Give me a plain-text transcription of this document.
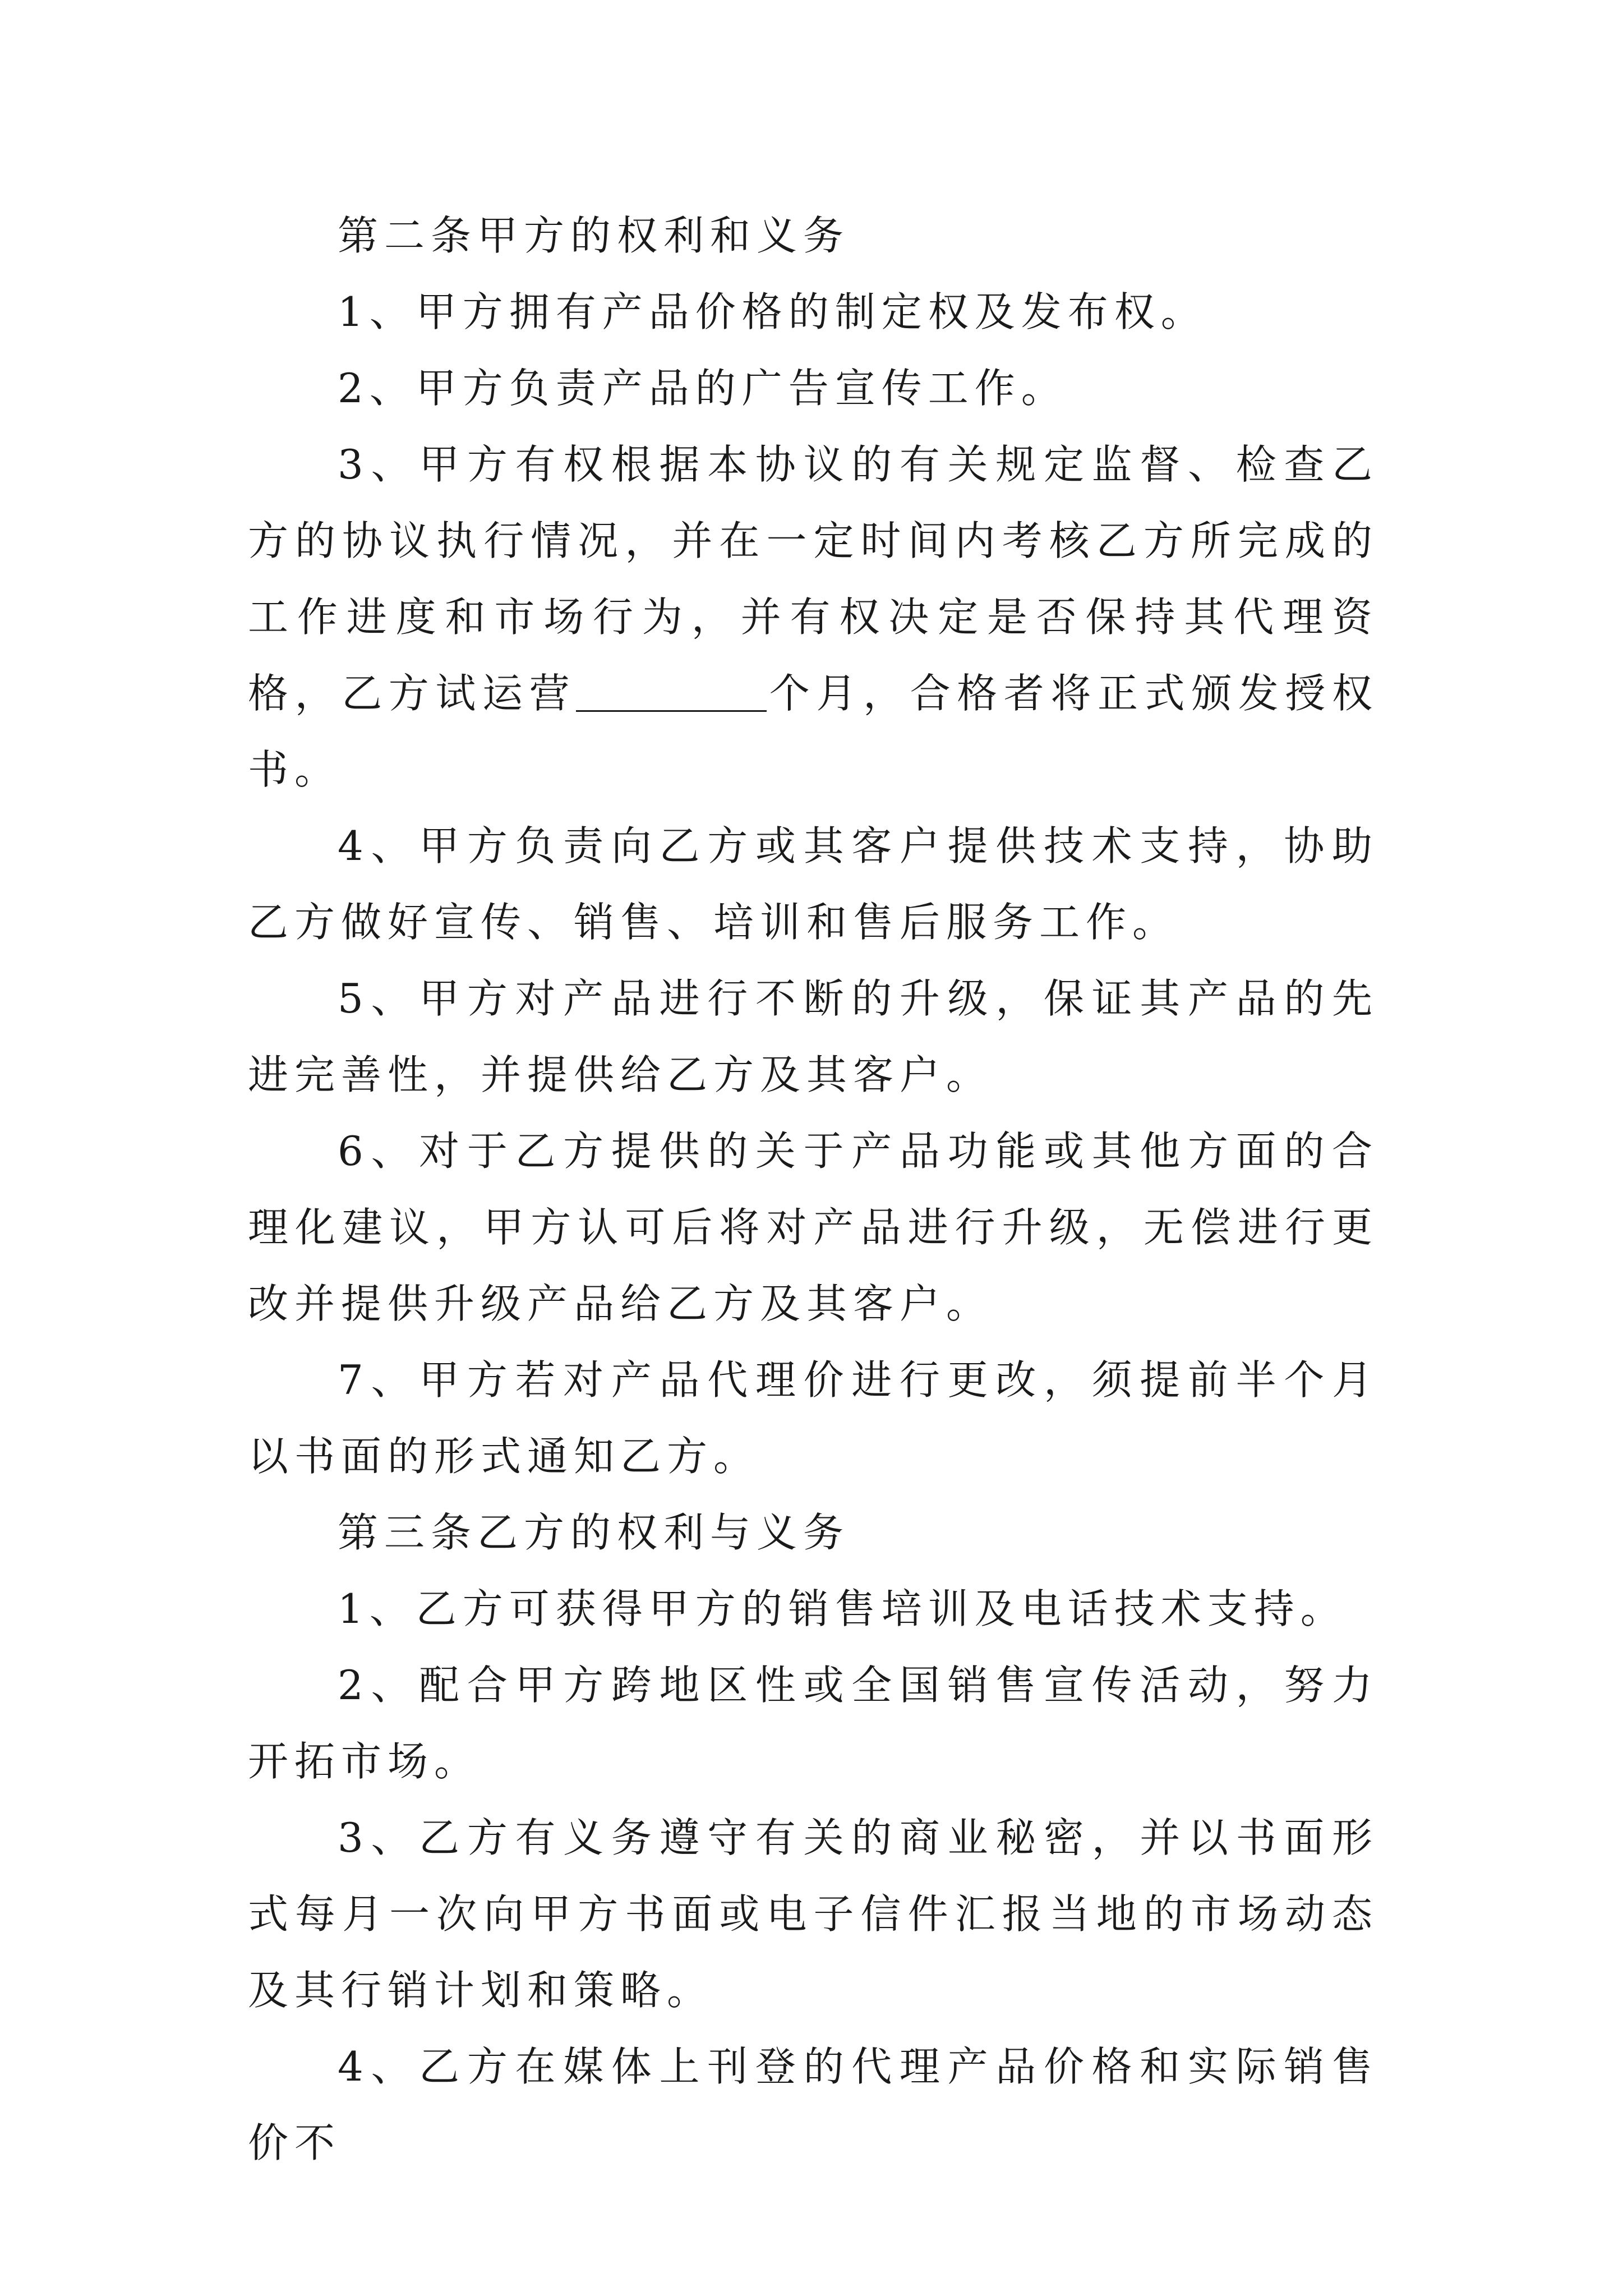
第二条甲方的权利和义务

1、甲方拥有产品价格的制定权及发布权。

2、甲方负责产品的广告宣传工作。

3、甲方有权根据本协议的有关规定监督、检查乙方的协议执行情况，并在一定时间内考核乙方所完成的工作进度和市场行为，并有权决定是否保持其代理资格，乙方试运营	个月，合格者将正式颁发授权书。

4、甲方负责向乙方或其客户提供技术支持，协助乙方做好宣传、销售、培训和售后服务工作。

5、甲方对产品进行不断的升级，保证其产品的先进完善性，并提供给乙方及其客户。

6、对于乙方提供的关于产品功能或其他方面的合理化建议，甲方认可后将对产品进行升级，无偿进行更改并提供升级产品给乙方及其客户。

7、甲方若对产品代理价进行更改，须提前半个月以书面的形式通知乙方。

第三条乙方的权利与义务

1、乙方可获得甲方的销售培训及电话技术支持。

2、配合甲方跨地区性或全国销售宣传活动，努力开拓市场。

3、乙方有义务遵守有关的商业秘密，并以书面形式每月一次向甲方书面或电子信件汇报当地的市场动态及其行销计划和策略。

4、乙方在媒体上刊登的代理产品价格和实际销售价不
